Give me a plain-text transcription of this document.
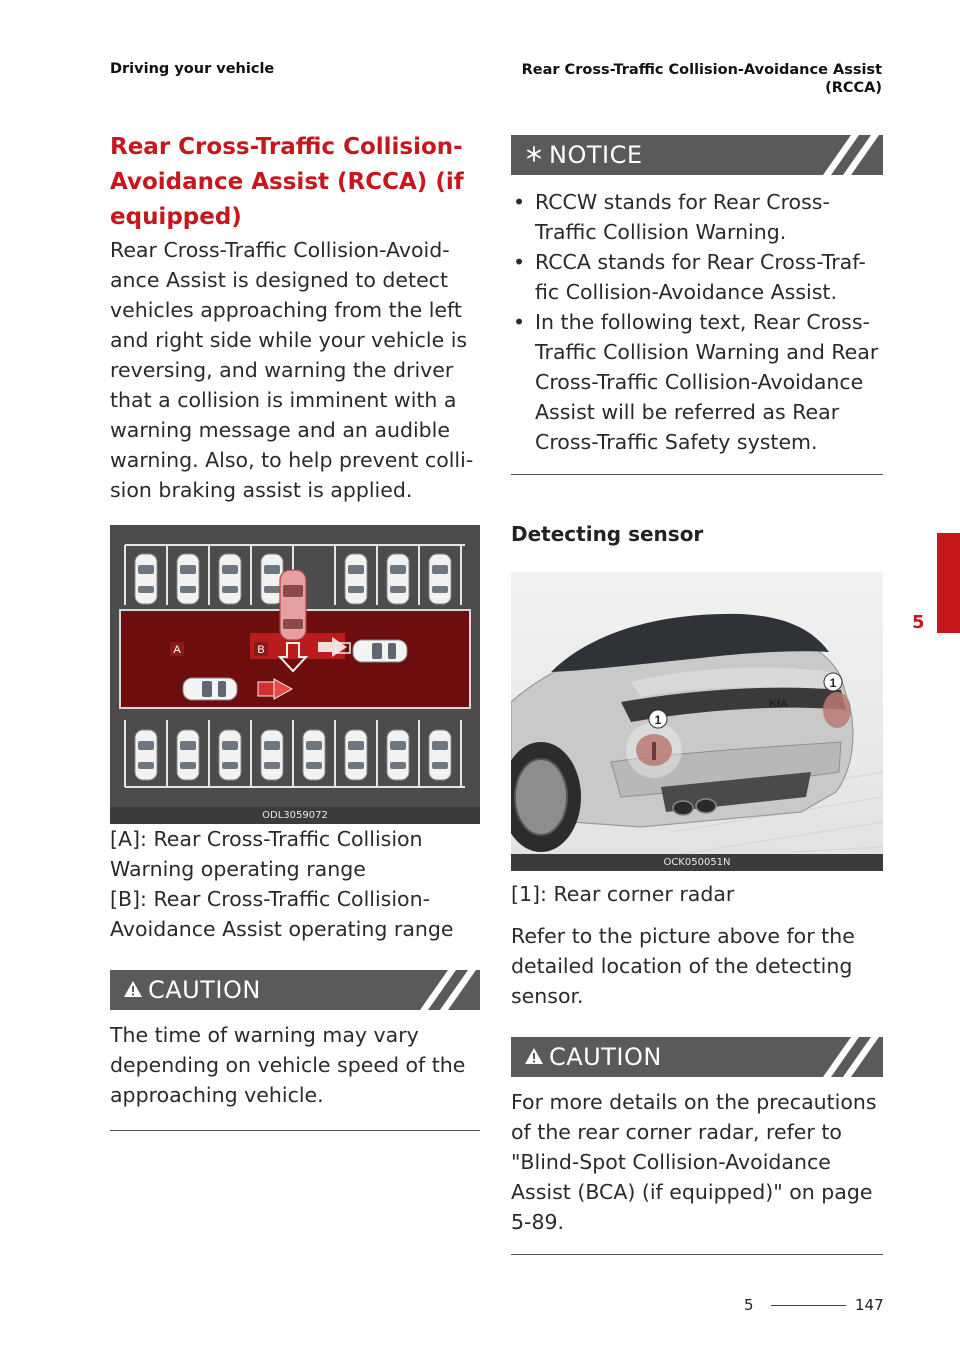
Driving your vehicle	Rear Cross-Traffic Collision-Avoidance Assist
(RCCA)
Rear Cross-Traffic Collision-
Avoidance Assist (RCCA) (if
equipped)

Rear Cross-Traffic Collision-Avoid-
ance Assist is designed to detect
vehicles approaching from the left
and right side while your vehicle is
reversing, and warning the driver
that a collision is imminent with a
warning message and an audible
warning. Also, to help prevent colli-
sion braking assist is applied.

A	B
ODL3059072

[A]: Rear Cross-Traffic Collision
Warning operating range

[B]: Rear Cross-Traffic Collision-
Avoidance Assist operating range

CAUTION

The time of warning may vary
depending on vehicle speed of the
approaching vehicle.

NOTICE
• RCCW stands for Rear Cross-
Traffic Collision Warning.
• RCCA stands for Rear Cross-Traf-
fic Collision-Avoidance Assist.
• In the following text, Rear Cross-
Traffic Collision Warning and Rear
Cross-Traffic Collision-Avoidance
Assist will be referred as Rear
Cross-Traffic Safety system.
Detecting sensor
KIA
1
1
OCK050051N

[1]: Rear corner radar

Refer to the picture above for the
detailed location of the detecting
sensor.

CAUTION

For more details on the precautions
of the rear corner radar, refer to
"Blind-Spot Collision-Avoidance
Assist (BCA) (if equipped)" on page
5-89.

5
5	147
